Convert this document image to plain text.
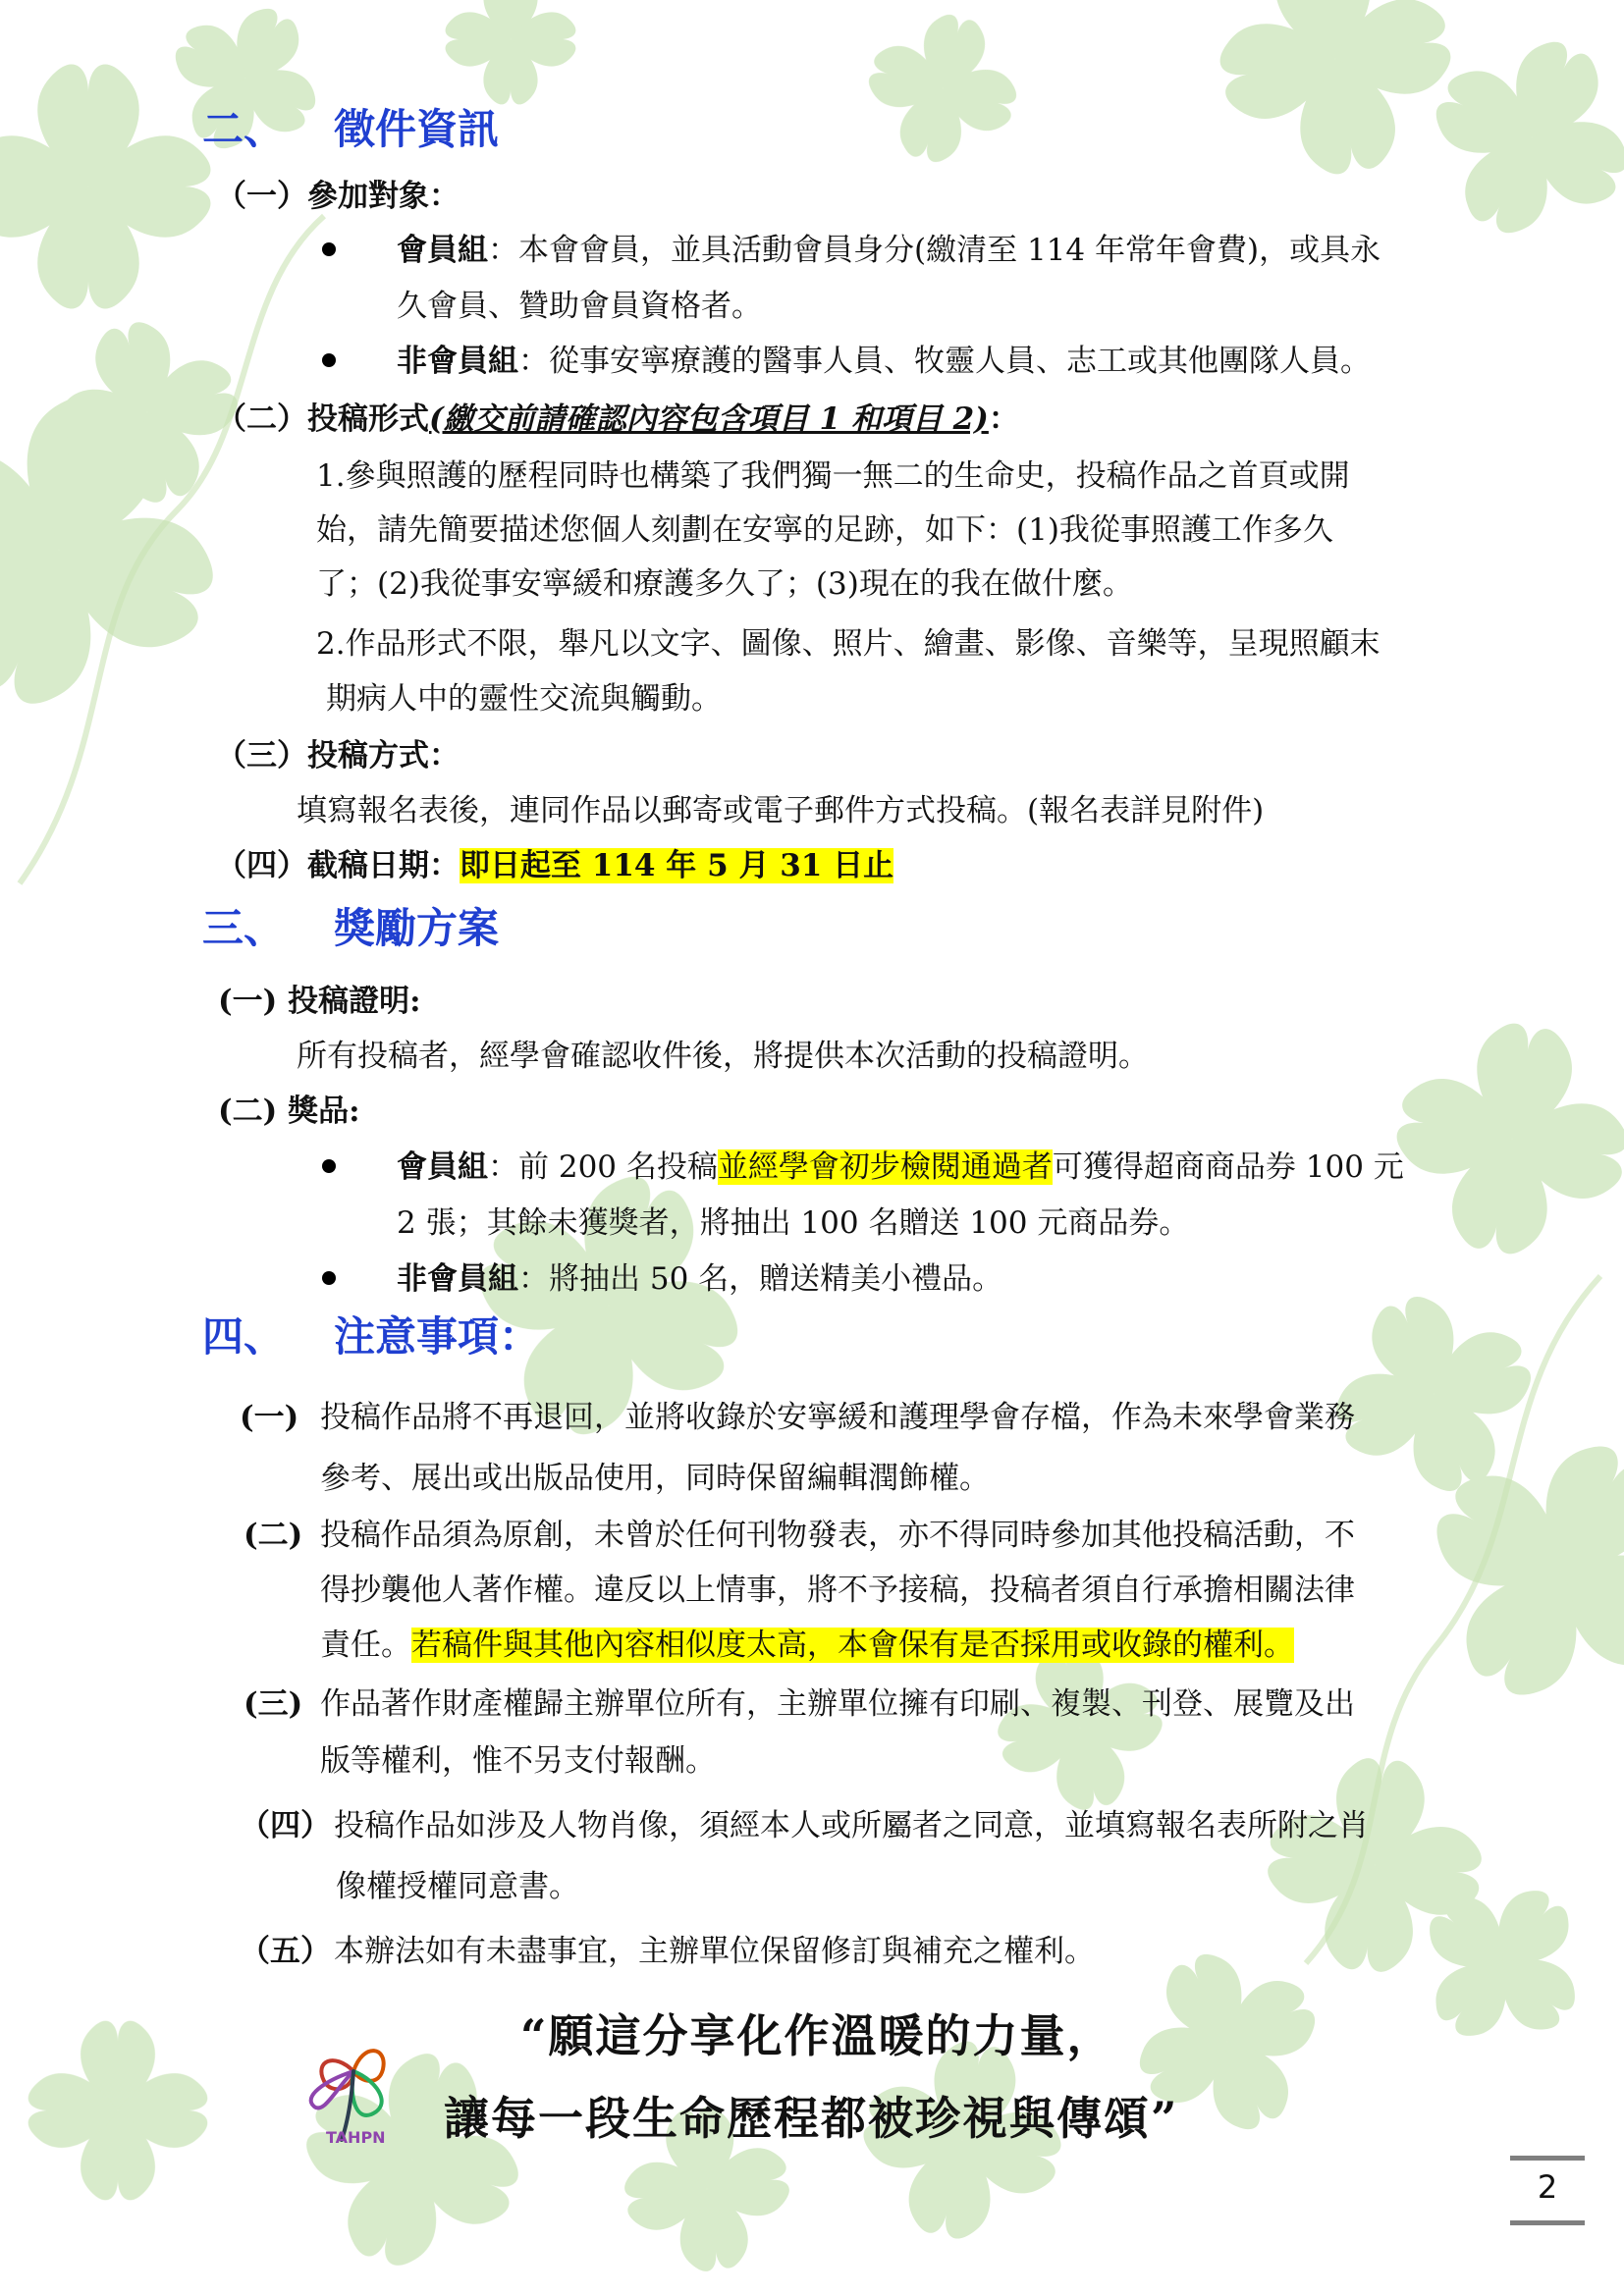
二、 徵件資訊
（一）參加對象：
會員組：本會會員，並具活動會員身分(繳清至 114 年常年會費)，或具永
久會員、贊助會員資格者。
非會員組：從事安寧療護的醫事人員、牧靈人員、志工或其他團隊人員。
（二）投稿形式(繳交前請確認內容包含項目 1 和項目 2)：
1.參與照護的歷程同時也構築了我們獨一無二的生命史，投稿作品之首頁或開
始，請先簡要描述您個人刻劃在安寧的足跡，如下：(1)我從事照護工作多久
了；(2)我從事安寧緩和療護多久了；(3)現在的我在做什麼。
2.作品形式不限，舉凡以文字、圖像、照片、繪畫、影像、音樂等，呈現照顧末
期病人中的靈性交流與觸動。
（三）投稿方式：
填寫報名表後，連同作品以郵寄或電子郵件方式投稿。(報名表詳見附件)
（四）截稿日期：即日起至 114 年 5 月 31 日止
三、 獎勵方案
(一) 投稿證明:
所有投稿者，經學會確認收件後，將提供本次活動的投稿證明。
(二) 獎品:
會員組：前 200 名投稿並經學會初步檢閱通過者可獲得超商商品券 100 元
2 張；其餘未獲獎者，將抽出 100 名贈送 100 元商品券。
非會員組：將抽出 50 名，贈送精美小禮品。
四、 注意事項：
(一) 投稿作品將不再退回，並將收錄於安寧緩和護理學會存檔，作為未來學會業務
參考、展出或出版品使用，同時保留編輯潤飾權。
(二) 投稿作品須為原創，未曾於任何刊物發表，亦不得同時參加其他投稿活動，不
得抄襲他人著作權。違反以上情事，將不予接稿，投稿者須自行承擔相關法律
責任。若稿件與其他內容相似度太高，本會保有是否採用或收錄的權利。
(三) 作品著作財產權歸主辦單位所有，主辦單位擁有印刷、複製、刊登、展覽及出
版等權利，惟不另支付報酬。
（四） 投稿作品如涉及人物肖像，須經本人或所屬者之同意，並填寫報名表所附之肖
像權授權同意書。
（五） 本辦法如有未盡事宜，主辦單位保留修訂與補充之權利。
TAHPN
“願這分享化作溫暖的力量，
讓每一段生命歷程都被珍視與傳頌”
2
